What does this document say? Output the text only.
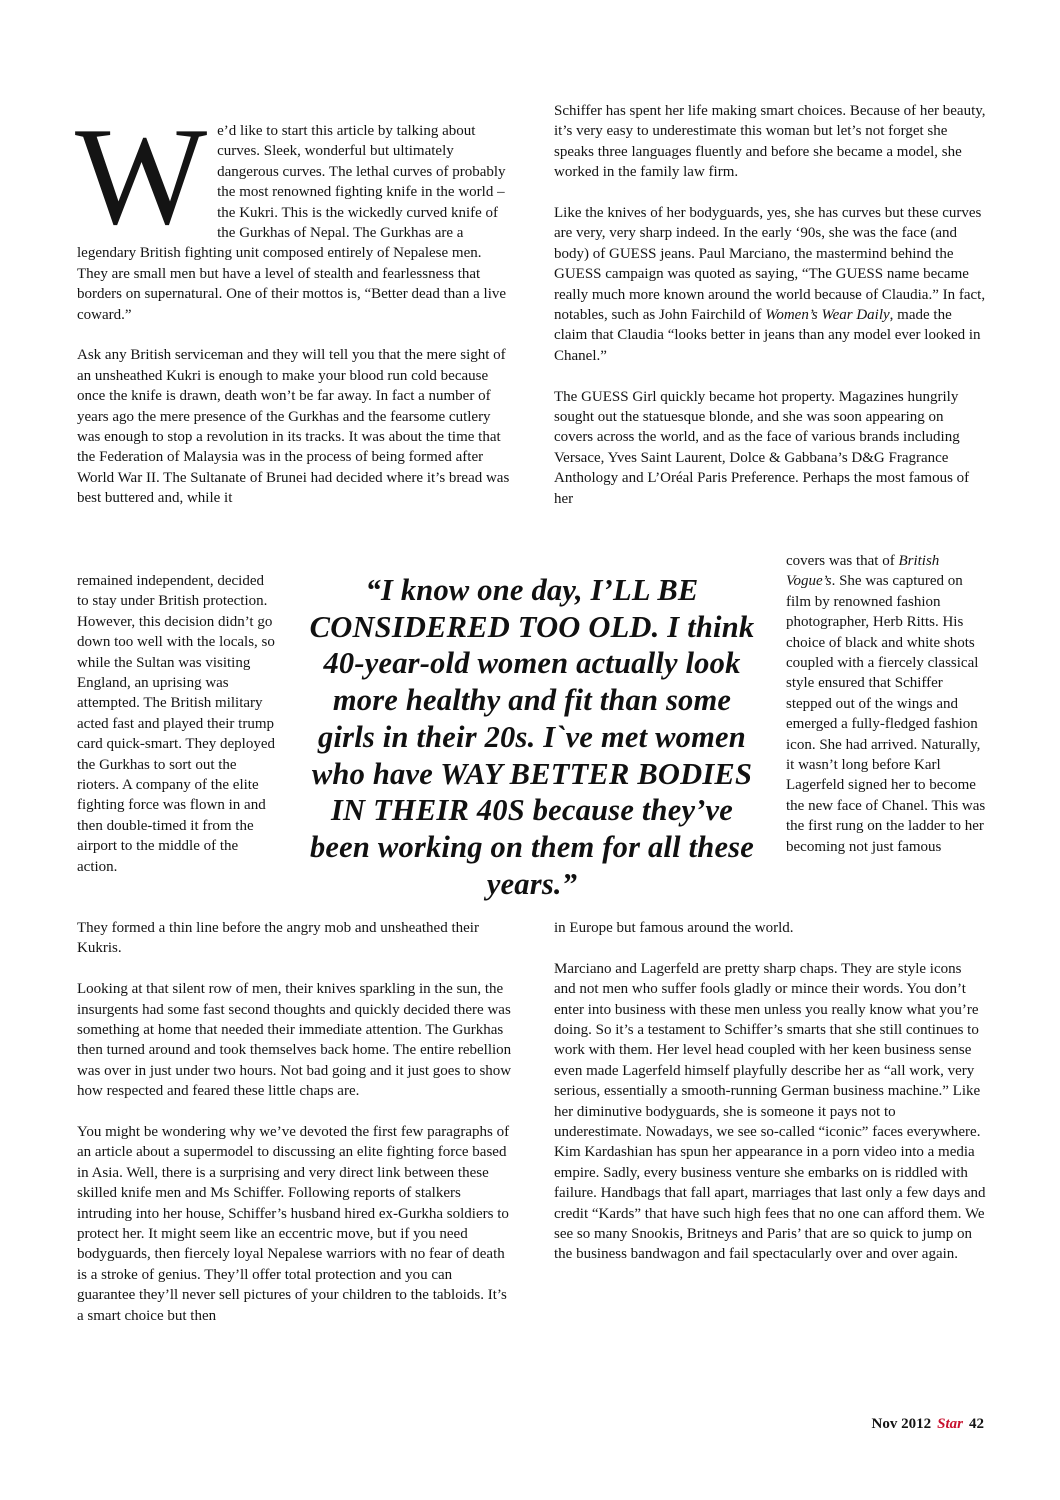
We’d like to start this article by talking about curves. Sleek, wonderful but ultimately dangerous curves. The lethal curves of probably the most renowned fighting knife in the world – the Kukri. This is the wickedly curved knife of the Gurkhas of Nepal. The Gurkhas are a legendary British fighting unit composed entirely of Nepalese men. They are small men but have a level of stealth and fearlessness that borders on supernatural. One of their mottos is, “Better dead than a live coward.”

Ask any British serviceman and they will tell you that the mere sight of an unsheathed Kukri is enough to make your blood run cold because once the knife is drawn, death won’t be far away. In fact a number of years ago the mere presence of the Gurkhas and the fearsome cutlery was enough to stop a revolution in its tracks. It was about the time that the Federation of Malaysia was in the process of being formed after World War II. The Sultanate of Brunei had decided where it’s bread was best buttered and, while it

remained independent, decided to stay under British protection. However, this decision didn’t go down too well with the locals, so while the Sultan was visiting England, an uprising was attempted. The British military acted fast and played their trump card quick-smart. They deployed the Gurkhas to sort out the rioters. A company of the elite fighting force was flown in and then double-timed it from the airport to the middle of the action.

They formed a thin line before the angry mob and unsheathed their Kukris.

Looking at that silent row of men, their knives sparkling in the sun, the insurgents had some fast second thoughts and quickly decided there was something at home that needed their immediate attention. The Gurkhas then turned around and took themselves back home. The entire rebellion was over in just under two hours. Not bad going and it just goes to show how respected and feared these little chaps are.

You might be wondering why we’ve devoted the first few paragraphs of an article about a supermodel to discussing an elite fighting force based in Asia. Well, there is a surprising and very direct link between these skilled knife men and Ms Schiffer. Following reports of stalkers intruding into her house, Schiffer’s husband hired ex-Gurkha soldiers to protect her. It might seem like an eccentric move, but if you need bodyguards, then fiercely loyal Nepalese warriors with no fear of death is a stroke of genius. They’ll offer total protection and you can guarantee they’ll never sell pictures of your children to the tabloids. It’s a smart choice but then

Schiffer has spent her life making smart choices. Because of her beauty, it’s very easy to underestimate this woman but let’s not forget she speaks three languages fluently and before she became a model, she worked in the family law firm.

Like the knives of her bodyguards, yes, she has curves but these curves are very, very sharp indeed. In the early ‘90s, she was the face (and body) of GUESS jeans. Paul Marciano, the mastermind behind the GUESS campaign was quoted as saying, “The GUESS name became really much more known around the world because of Claudia.” In fact, notables, such as John Fairchild of Women’s Wear Daily, made the claim that Claudia “looks better in jeans than any model ever looked in Chanel.”

The GUESS Girl quickly became hot property. Magazines hungrily sought out the statuesque blonde, and she was soon appearing on covers across the world, and as the face of various brands including Versace, Yves Saint Laurent, Dolce & Gabbana’s D&G Fragrance Anthology and L’Oréal Paris Preference. Perhaps the most famous of her

covers was that of British Vogue’s. She was captured on film by renowned fashion photographer, Herb Ritts. His choice of black and white shots coupled with a fiercely classical style ensured that Schiffer stepped out of the wings and emerged a fully-fledged fashion icon. She had arrived. Naturally, it wasn’t long before Karl Lagerfeld signed her to become the new face of Chanel. This was the first rung on the ladder to her becoming not just famous

in Europe but famous around the world.

Marciano and Lagerfeld are pretty sharp chaps. They are style icons and not men who suffer fools gladly or mince their words. You don’t enter into business with these men unless you really know what you’re doing. So it’s a testament to Schiffer’s smarts that she still continues to work with them. Her level head coupled with her keen business sense even made Lagerfeld himself playfully describe her as “all work, very serious, essentially a smooth-running German business machine.” Like her diminutive bodyguards, she is someone it pays not to underestimate. Nowadays, we see so-called “iconic” faces everywhere. Kim Kardashian has spun her appearance in a porn video into a media empire. Sadly, every business venture she embarks on is riddled with failure. Handbags that fall apart, marriages that last only a few days and credit “Kards” that have such high fees that no one can afford them. We see so many Snookis, Britneys and Paris’ that are so quick to jump on the business bandwagon and fail spectacularly over and over again.

“I know one day, I’LL BE CONSIDERED TOO OLD. I think 40-year-old women actually look more healthy and fit than some girls in their 20s. I`ve met women who have WAY BETTER BODIES IN THEIR 40S because they’ve been working on them for all these years.”
Nov 2012 Star 42
